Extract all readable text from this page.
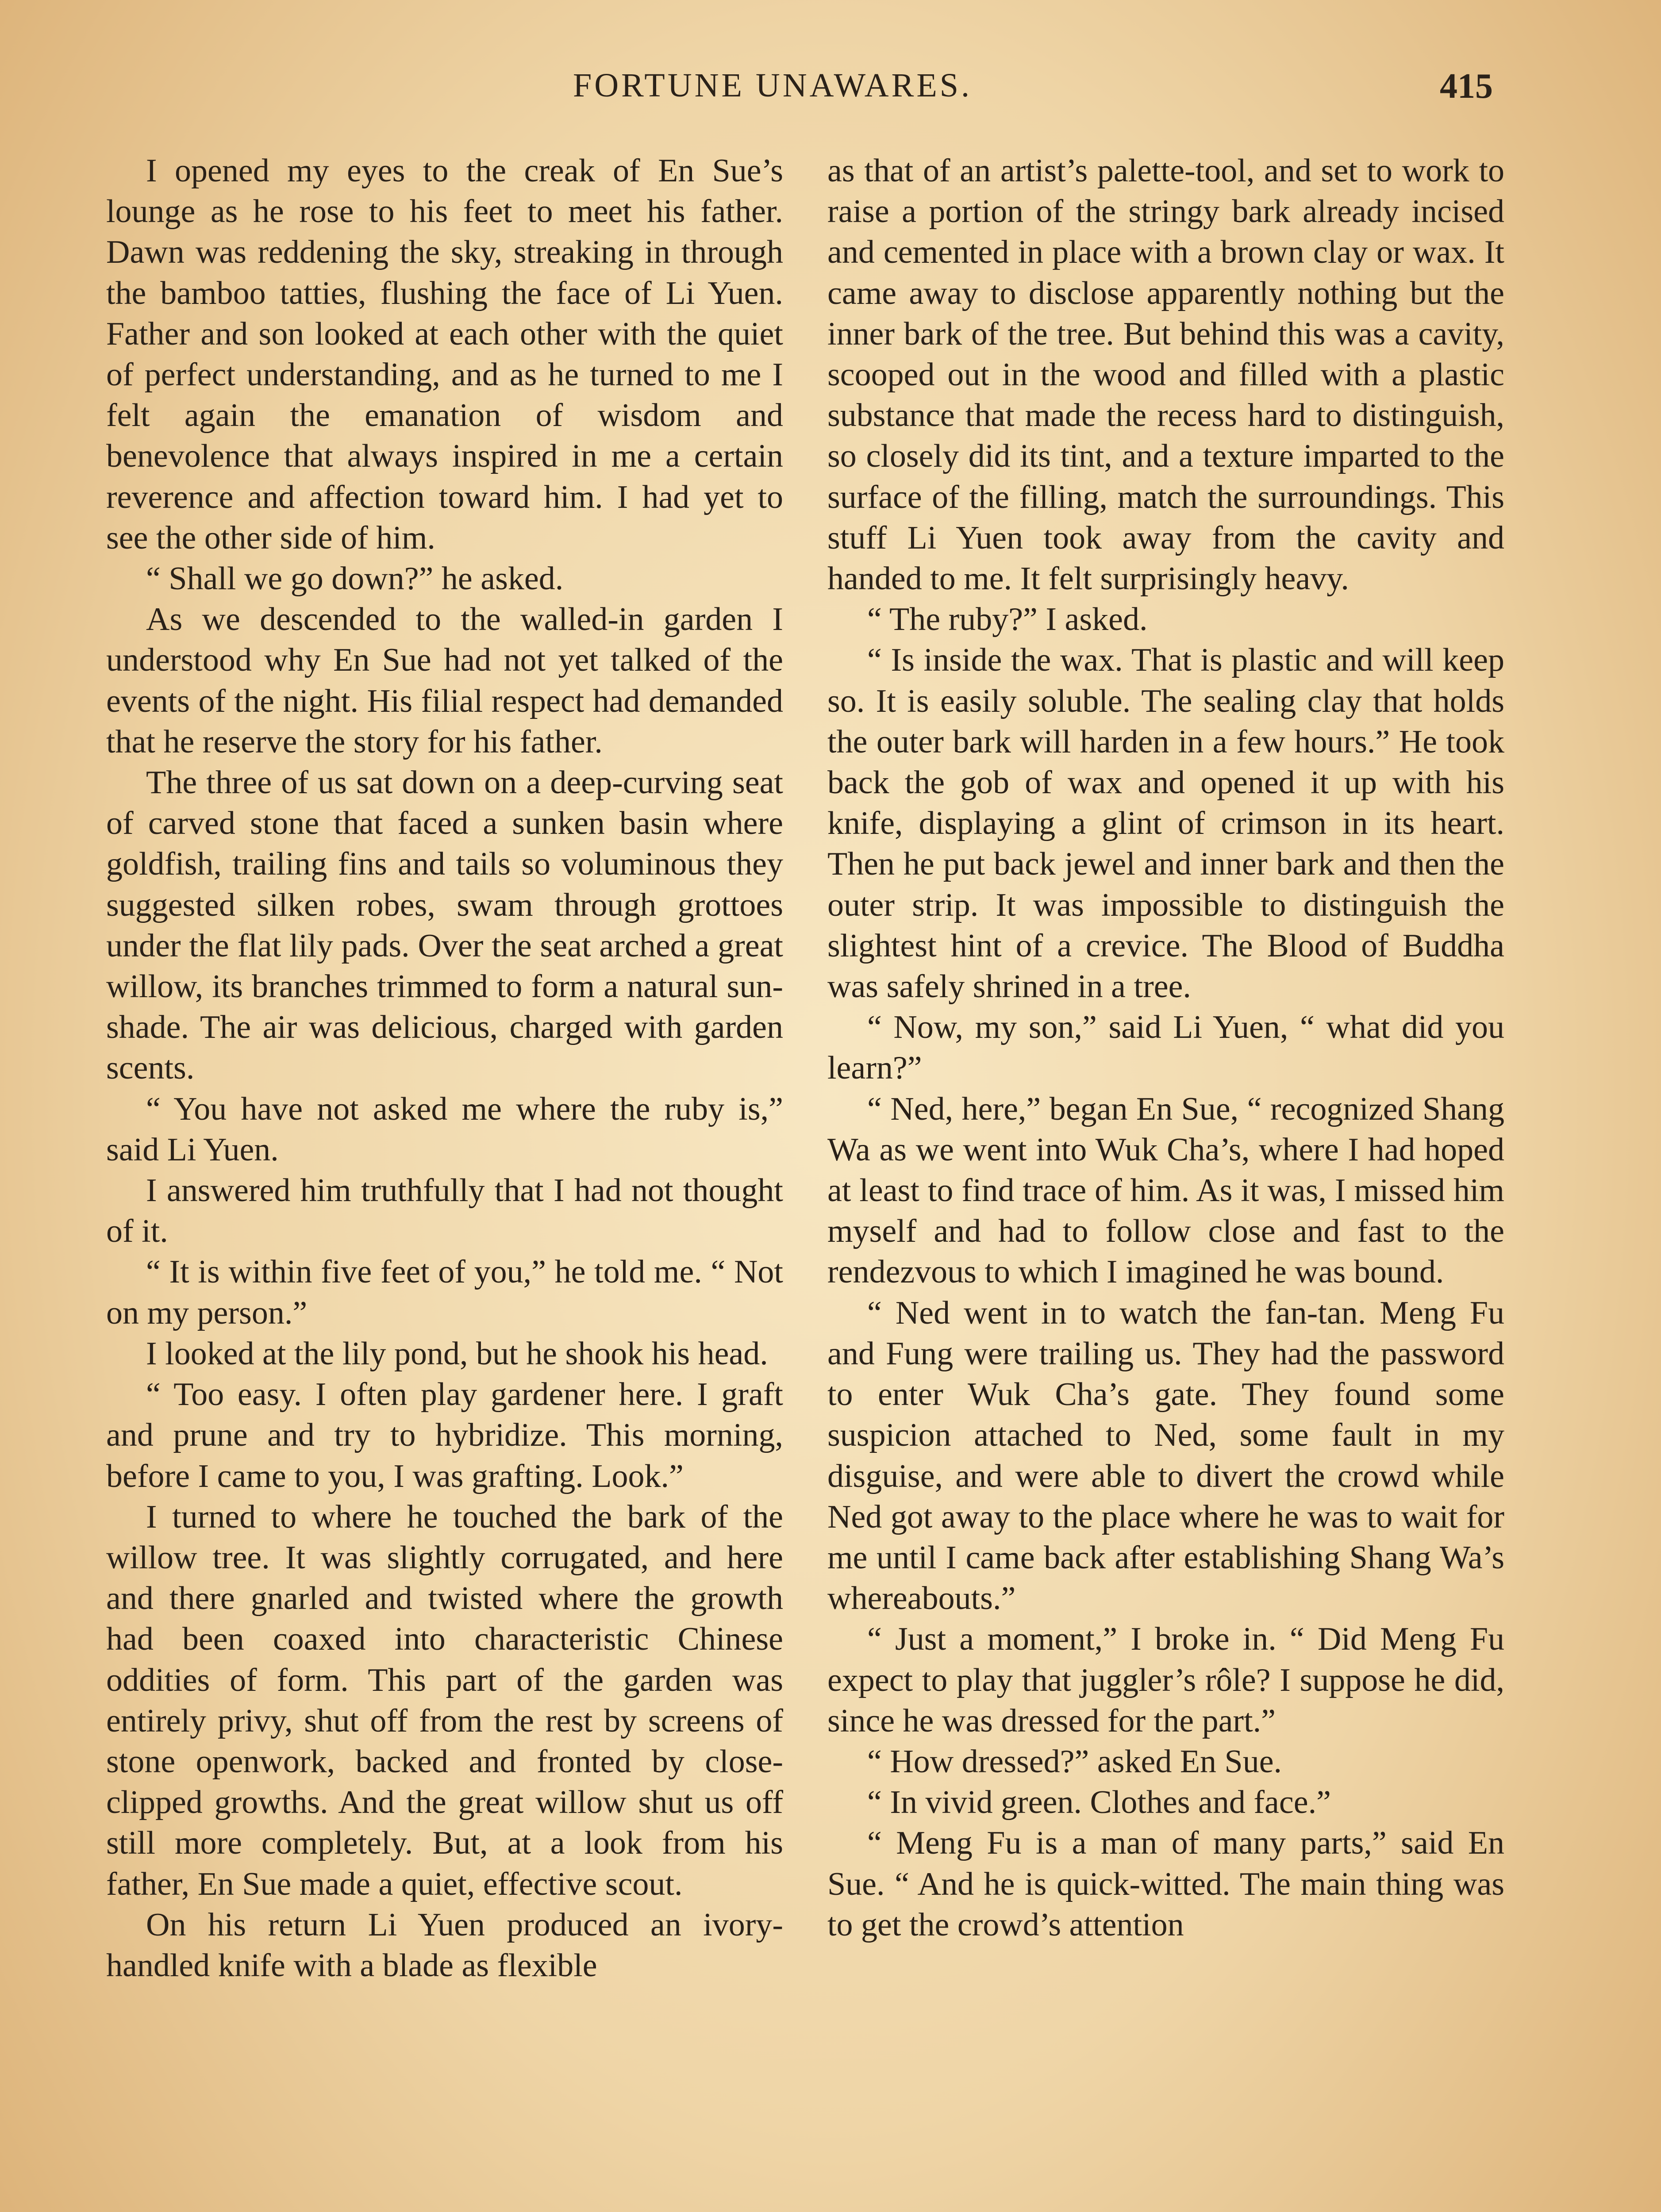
FORTUNE UNAWARES.	415

I opened my eyes to the creak of En Sue’s lounge as he rose to his feet to meet his father. Dawn was reddening the sky, streaking in through the bamboo tatties, flushing the face of Li Yuen. Father and son looked at each other with the quiet of perfect understanding, and as he turned to me I felt again the emanation of wisdom and benevolence that always inspired in me a certain reverence and affection toward him. I had yet to see the other side of him.

“ Shall we go down?” he asked.

As we descended to the walled-in garden I understood why En Sue had not yet talked of the events of the night. His filial respect had demanded that he reserve the story for his father.

The three of us sat down on a deep-curving seat of carved stone that faced a sunken basin where goldfish, trailing fins and tails so voluminous they suggested silken robes, swam through grottoes under the flat lily pads. Over the seat arched a great willow, its branches trimmed to form a natural sun-shade. The air was delicious, charged with garden scents.

“ You have not asked me where the ruby is,” said Li Yuen.

I answered him truthfully that I had not thought of it.

“ It is within five feet of you,” he told me. “ Not on my person.”

I looked at the lily pond, but he shook his head.

“ Too easy. I often play gardener here. I graft and prune and try to hybridize. This morning, before I came to you, I was grafting. Look.”

I turned to where he touched the bark of the willow tree. It was slightly corrugated, and here and there gnarled and twisted where the growth had been coaxed into characteristic Chinese oddities of form. This part of the garden was entirely privy, shut off from the rest by screens of stone openwork, backed and fronted by close-clipped growths. And the great willow shut us off still more completely. But, at a look from his father, En Sue made a quiet, effective scout.

On his return Li Yuen produced an ivory-handled knife with a blade as flexible

as that of an artist’s palette-tool, and set to work to raise a portion of the stringy bark already incised and cemented in place with a brown clay or wax. It came away to disclose apparently nothing but the inner bark of the tree. But behind this was a cavity, scooped out in the wood and filled with a plastic substance that made the recess hard to distinguish, so closely did its tint, and a texture imparted to the surface of the filling, match the surroundings. This stuff Li Yuen took away from the cavity and handed to me. It felt surprisingly heavy.

“ The ruby?” I asked.

“ Is inside the wax. That is plastic and will keep so. It is easily soluble. The sealing clay that holds the outer bark will harden in a few hours.” He took back the gob of wax and opened it up with his knife, displaying a glint of crimson in its heart. Then he put back jewel and inner bark and then the outer strip. It was impossible to distinguish the slightest hint of a crevice. The Blood of Buddha was safely shrined in a tree.

“ Now, my son,” said Li Yuen, “ what did you learn?”

“ Ned, here,” began En Sue, “ recognized Shang Wa as we went into Wuk Cha’s, where I had hoped at least to find trace of him. As it was, I missed him myself and had to follow close and fast to the rendezvous to which I imagined he was bound.

“ Ned went in to watch the fan-tan. Meng Fu and Fung were trailing us. They had the password to enter Wuk Cha’s gate. They found some suspicion attached to Ned, some fault in my disguise, and were able to divert the crowd while Ned got away to the place where he was to wait for me until I came back after establishing Shang Wa’s whereabouts.”

“ Just a moment,” I broke in. “ Did Meng Fu expect to play that juggler’s rôle? I suppose he did, since he was dressed for the part.”

“ How dressed?” asked En Sue.

“ In vivid green. Clothes and face.”

“ Meng Fu is a man of many parts,” said En Sue. “ And he is quick-witted. The main thing was to get the crowd’s attention
